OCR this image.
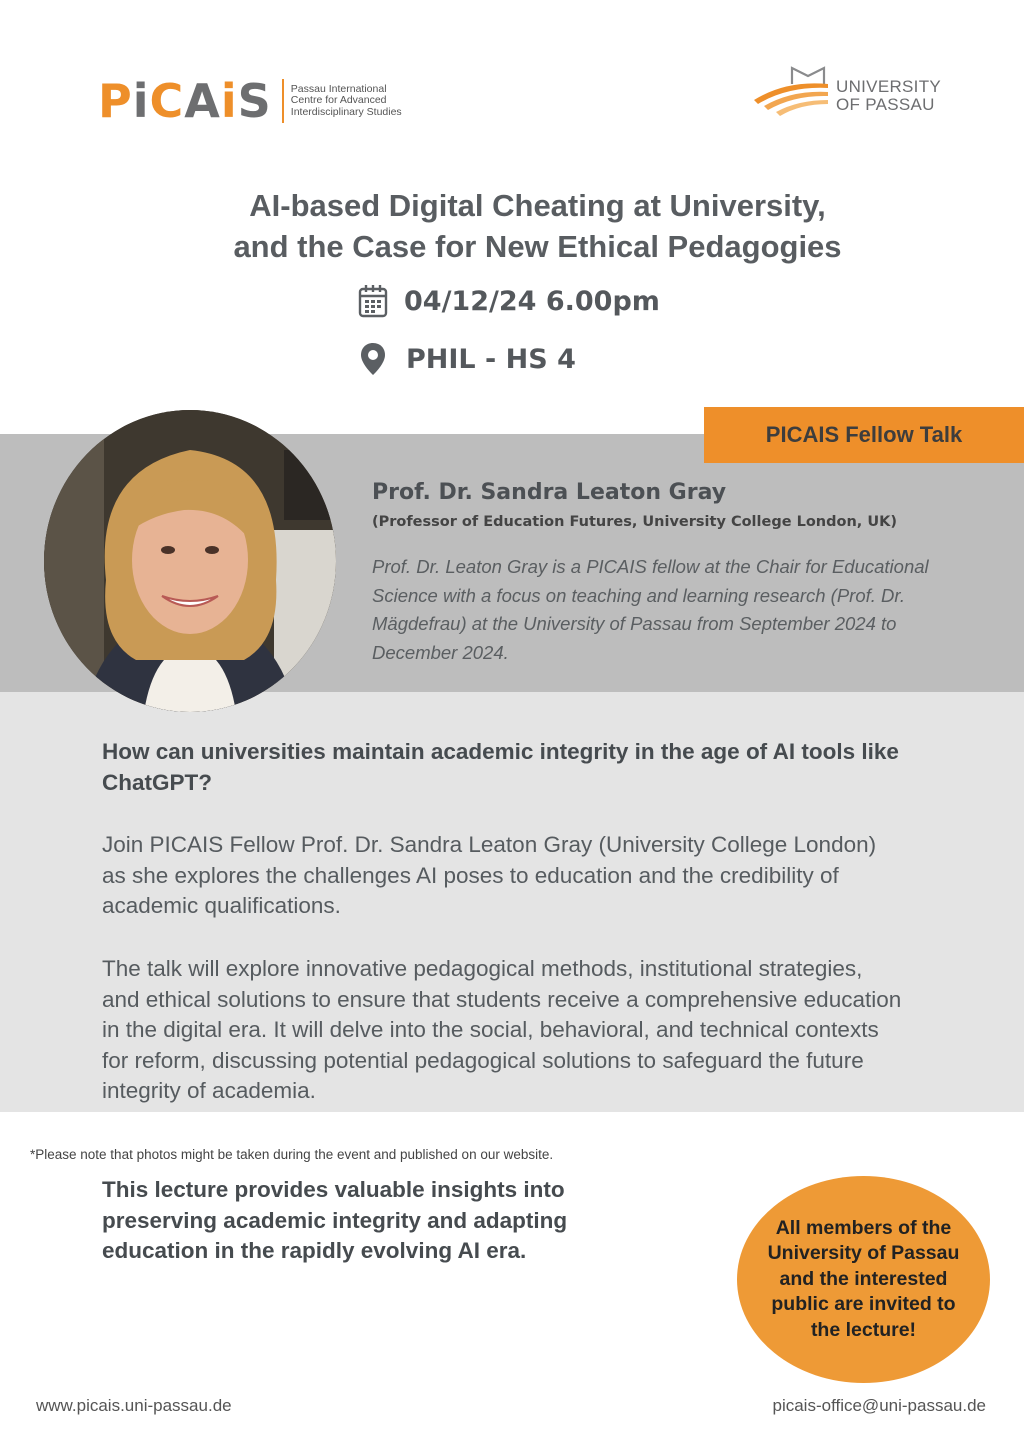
PiCAiS Passau International
Centre for Advanced
Interdisciplinary Studies
UNIVERSITY
OF PASSAU
AI-based Digital Cheating at University,
and the Case for New Ethical Pedagogies
04/12/24 6.00pm
PHIL - HS 4
PICAIS Fellow Talk
Prof. Dr. Sandra Leaton Gray
(Professor of Education Futures, University College London, UK)
Prof. Dr. Leaton Gray is a PICAIS fellow at the Chair for Educational Science with a focus on teaching and learning research (Prof. Dr. Mägdefrau) at the University of Passau from September 2024 to December 2024.
How can universities maintain academic integrity in the age of AI tools like ChatGPT?
Join PICAIS Fellow Prof. Dr. Sandra Leaton Gray (University College London) as she explores the challenges AI poses to education and the credibility of academic qualifications.
The talk will explore innovative pedagogical methods, institutional strategies, and ethical solutions to ensure that students receive a comprehensive education in the digital era. It will delve into the social, behavioral, and technical contexts for reform, discussing potential pedagogical solutions to safeguard the future integrity of academia.
This lecture provides valuable insights into preserving academic integrity and adapting education in the rapidly evolving AI era.
*Please note that photos might be taken during the event and published on our website.
All members of the University of Passau and the interested public are invited to the lecture!
www.picais.uni-passau.de	picais-office@uni-passau.de
